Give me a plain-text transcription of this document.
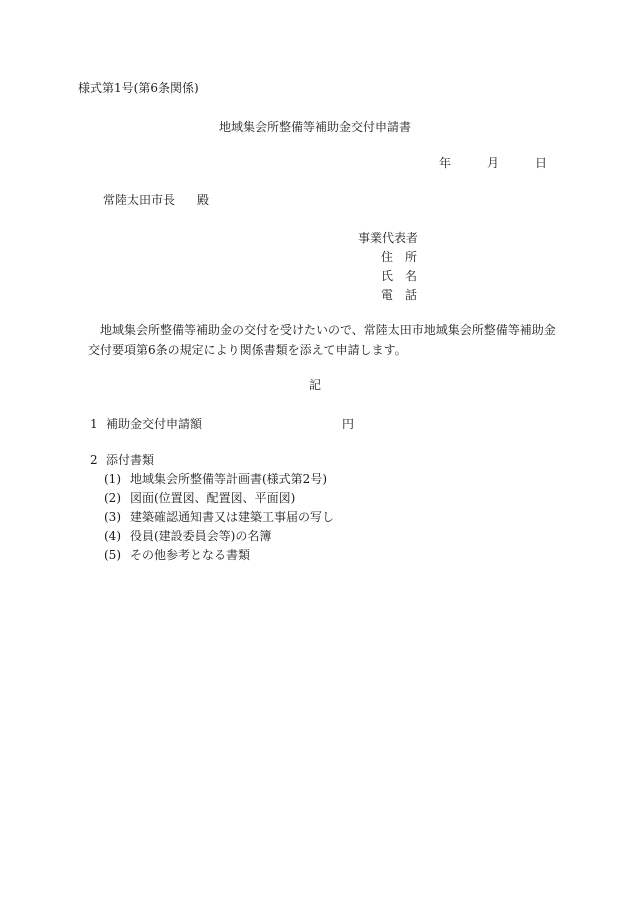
様式第1号(第6条関係)
地域集会所整備等補助金交付申請書
年	月	日
常陸太田市長 殿
事業代表者
住 所
氏 名
電 話
地域集会所整備等補助金の交付を受けたいので、常陸太田市地域集会所整備等補助金
交付要項第6条の規定により関係書類を添えて申請します。
記
1 補助金交付申請額	円
2 添付書類
(1) 地域集会所整備等計画書(様式第2号)
(2) 図面(位置図、配置図、平面図)
(3) 建築確認通知書又は建築工事届の写し
(4) 役員(建設委員会等)の名簿
(5) その他参考となる書類
